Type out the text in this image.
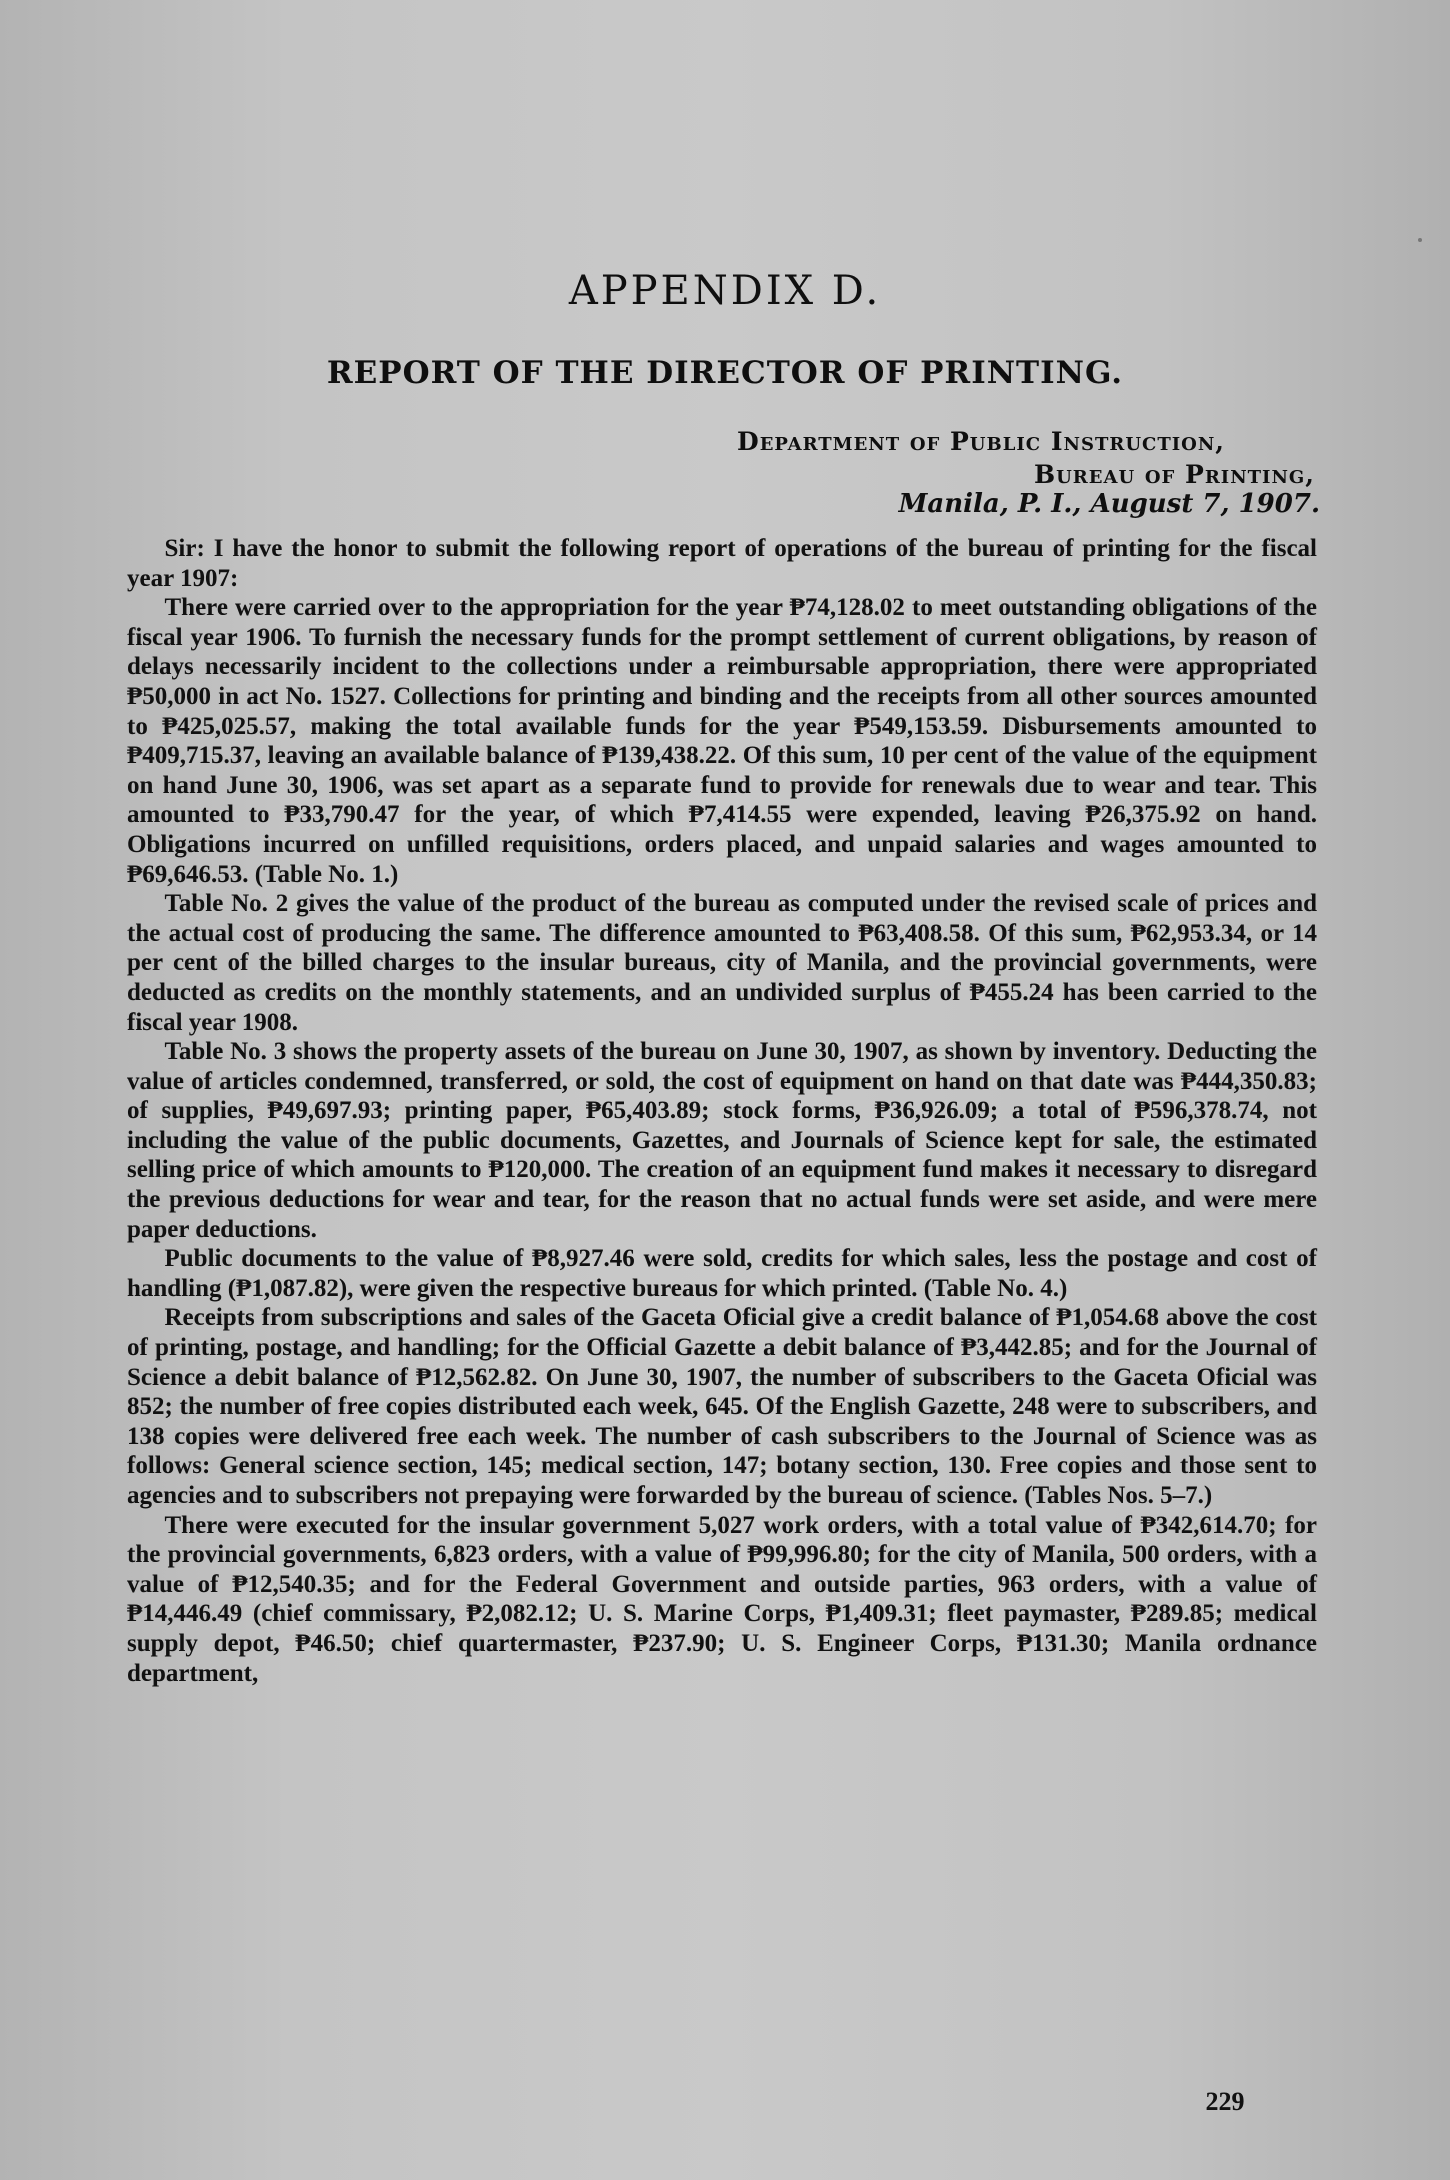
APPENDIX D.
REPORT OF THE DIRECTOR OF PRINTING.

Department of Public Instruction,

Bureau of Printing,

Manila, P. I., August 7, 1907.

Sir: I have the honor to submit the following report of operations of the bureau of printing for the fiscal year 1907:

There were carried over to the appropriation for the year ₱74,128.02 to meet outstanding obligations of the fiscal year 1906. To furnish the necessary funds for the prompt settlement of current obligations, by reason of delays necessarily incident to the collections under a reimbursable appropriation, there were appropriated ₱50,000 in act No. 1527. Collections for printing and binding and the receipts from all other sources amounted to ₱425,025.57, making the total available funds for the year ₱549,153.59. Disbursements amounted to ₱409,715.37, leaving an available balance of ₱139,438.22. Of this sum, 10 per cent of the value of the equipment on hand June 30, 1906, was set apart as a separate fund to provide for renewals due to wear and tear. This amounted to ₱33,790.47 for the year, of which ₱7,414.55 were expended, leaving ₱26,375.92 on hand. Obligations incurred on unfilled requisitions, orders placed, and unpaid salaries and wages amounted to ₱69,646.53. (Table No. 1.)

Table No. 2 gives the value of the product of the bureau as computed under the revised scale of prices and the actual cost of producing the same. The difference amounted to ₱63,408.58. Of this sum, ₱62,953.34, or 14 per cent of the billed charges to the insular bureaus, city of Manila, and the provincial governments, were deducted as credits on the monthly statements, and an undivided surplus of ₱455.24 has been carried to the fiscal year 1908.

Table No. 3 shows the property assets of the bureau on June 30, 1907, as shown by inventory. Deducting the value of articles condemned, transferred, or sold, the cost of equipment on hand on that date was ₱444,350.83; of supplies, ₱49,697.93; printing paper, ₱65,403.89; stock forms, ₱36,926.09; a total of ₱596,378.74, not including the value of the public documents, Gazettes, and Journals of Science kept for sale, the estimated selling price of which amounts to ₱120,000. The creation of an equipment fund makes it necessary to disregard the previous deductions for wear and tear, for the reason that no actual funds were set aside, and were mere paper deductions.

Public documents to the value of ₱8,927.46 were sold, credits for which sales, less the postage and cost of handling (₱1,087.82), were given the respective bureaus for which printed. (Table No. 4.)

Receipts from subscriptions and sales of the Gaceta Oficial give a credit balance of ₱1,054.68 above the cost of printing, postage, and handling; for the Official Gazette a debit balance of ₱3,442.85; and for the Journal of Science a debit balance of ₱12,562.82. On June 30, 1907, the number of subscribers to the Gaceta Oficial was 852; the number of free copies distributed each week, 645. Of the English Gazette, 248 were to subscribers, and 138 copies were delivered free each week. The number of cash subscribers to the Journal of Science was as follows: General science section, 145; medical section, 147; botany section, 130. Free copies and those sent to agencies and to subscribers not prepaying were forwarded by the bureau of science. (Tables Nos. 5–7.)

There were executed for the insular government 5,027 work orders, with a total value of ₱342,614.70; for the provincial governments, 6,823 orders, with a value of ₱99,996.80; for the city of Manila, 500 orders, with a value of ₱12,540.35; and for the Federal Government and outside parties, 963 orders, with a value of ₱14,446.49 (chief commissary, ₱2,082.12; U. S. Marine Corps, ₱1,409.31; fleet paymaster, ₱289.85; medical supply depot, ₱46.50; chief quartermaster, ₱237.90; U. S. Engineer Corps, ₱131.30; Manila ordnance department,

229
